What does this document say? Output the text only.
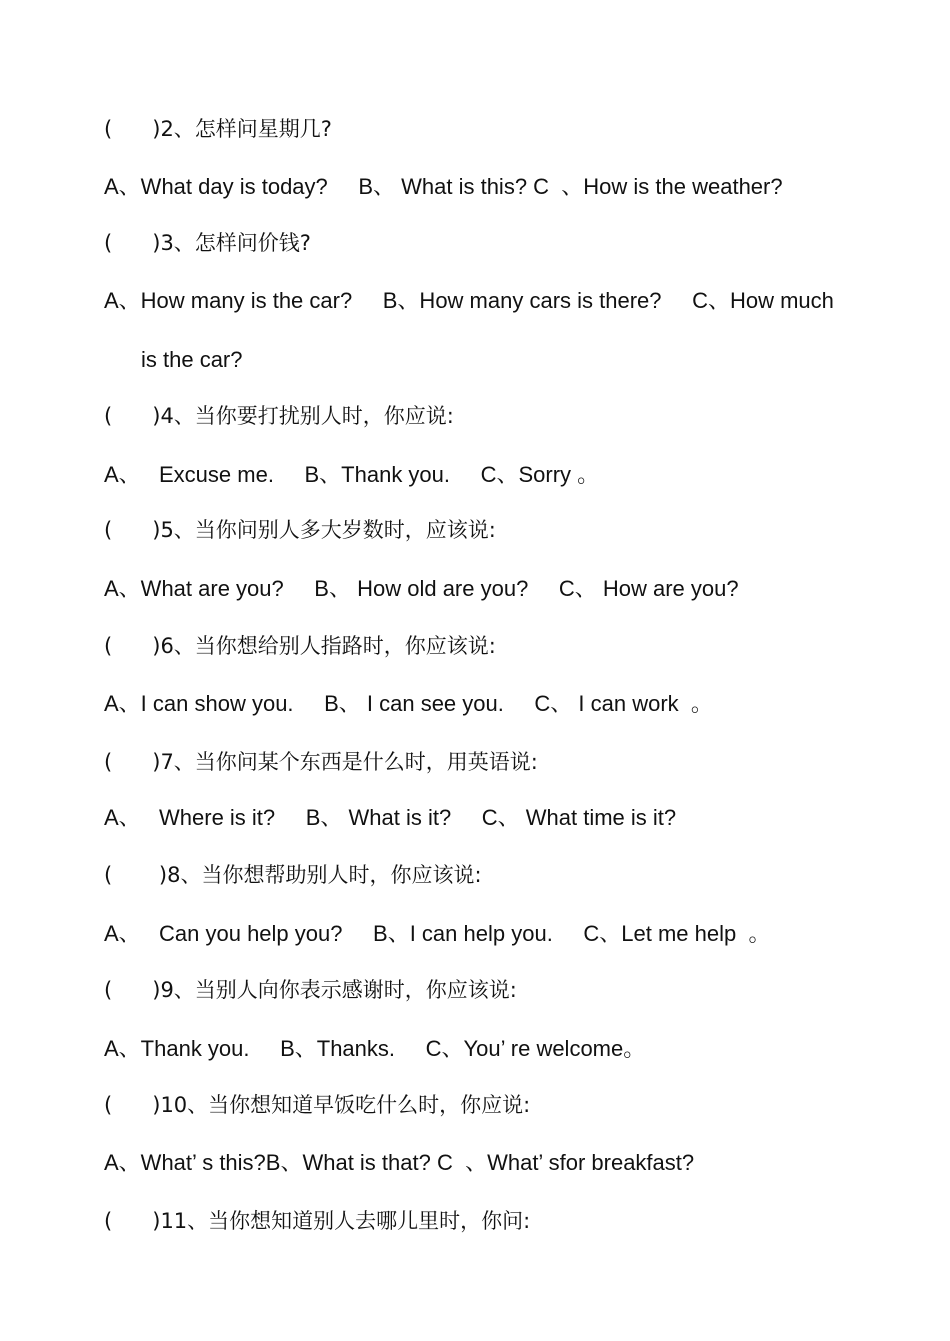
(      )2、怎样问星期几?
A、What day is today?     B、 What is this? C  、How is the weather?
(      )3、怎样问价钱?
A、How many is the car?     B、How many cars is there?     C、How much
is the car?
(      )4、当你要打扰别人时，你应说:
A、   Excuse me.     B、Thank you.     C、Sorry 。
(      )5、当你问别人多大岁数时，应该说:
A、What are you?     B、 How old are you?     C、 How are you?
(      )6、当你想给别人指路时，你应该说:
A、I can show you.     B、 I can see you.     C、 I can work  。
(      )7、当你问某个东西是什么时，用英语说:
A、   Where is it?     B、 What is it?     C、 What time is it?
(       )8、当你想帮助别人时，你应该说:
A、   Can you help you?     B、I can help you.     C、Let me help  。
(      )9、当别人向你表示感谢时，你应该说:
A、Thank you.     B、Thanks.     C、You’ re welcome。
(      )10、当你想知道早饭吃什么时，你应说:
A、What’ s this?B、What is that? C  、What’ sfor breakfast?
(      )11、当你想知道别人去哪儿里时，你问:
